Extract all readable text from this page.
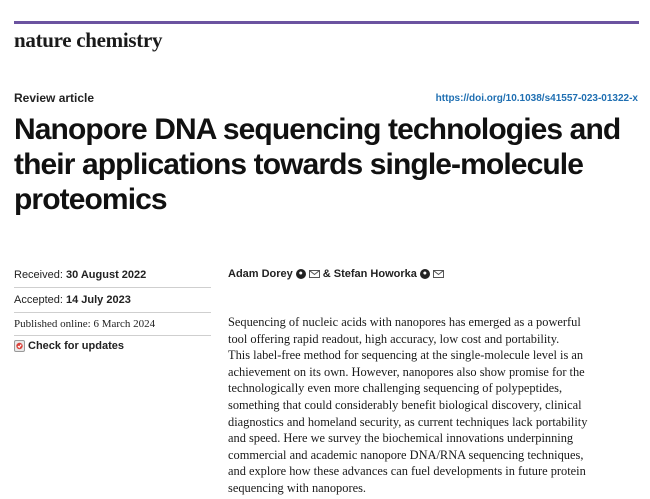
nature chemistry
Review article	https://doi.org/10.1038/s41557-023-01322-x
Nanopore DNA sequencing technologies and
their applications towards single-molecule
proteomics
Received: 30 August 2022
Accepted: 14 July 2023
Published online: 6 March 2024
Check for updates
Adam Dorey ● & Stefan Howorka ●
Sequencing of nucleic acids with nanopores has emerged as a powerful
tool offering rapid readout, high accuracy, low cost and portability.
This label-free method for sequencing at the single-molecule level is an
achievement on its own. However, nanopores also show promise for the
technologically even more challenging sequencing of polypeptides,
something that could considerably benefit biological discovery, clinical
diagnostics and homeland security, as current techniques lack portability
and speed. Here we survey the biochemical innovations underpinning
commercial and academic nanopore DNA/RNA sequencing techniques,
and explore how these advances can fuel developments in future protein
sequencing with nanopores.
